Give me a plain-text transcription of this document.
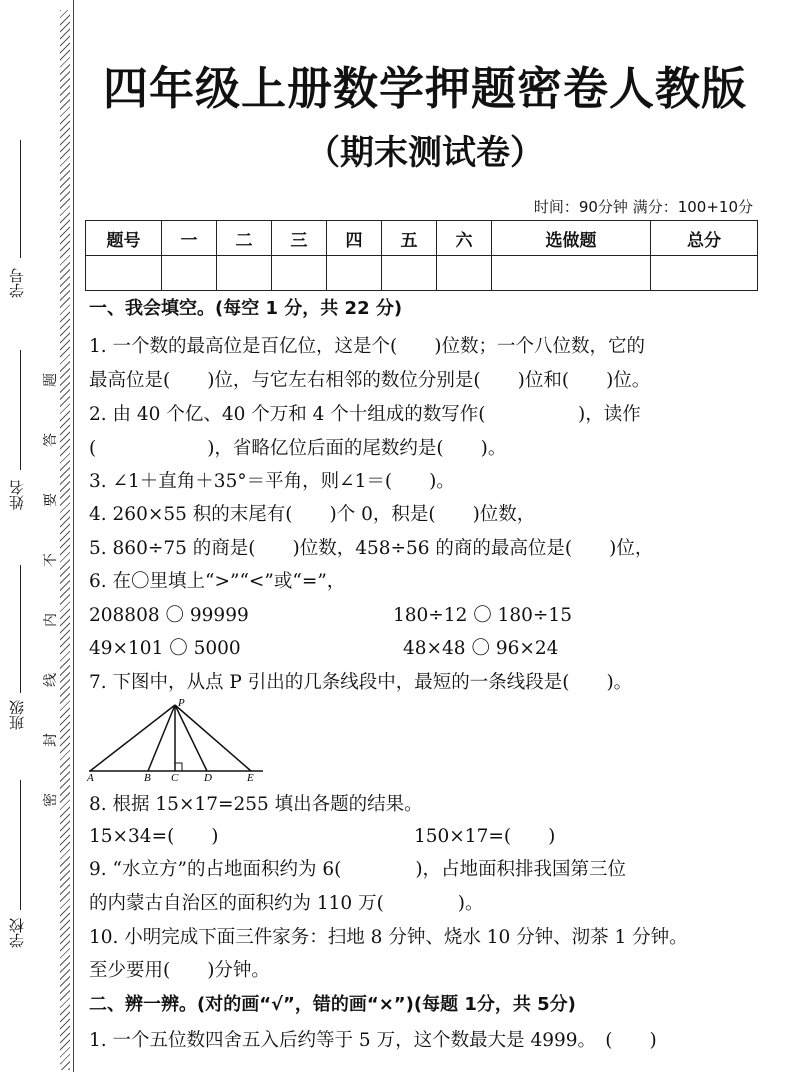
学号
姓名
班级
学校
题
答
要
不
内
线
封
密
四年级上册数学押题密卷人教版
（期末测试卷）
时间：90分钟 满分：100+10分
题号	一	二	三	四	五	六	选做题	总分

一、我会填空。(每空 1 分，共 22 分)
1. 一个数的最高位是百亿位，这是个(　　)位数；一个八位数，它的
最高位是(　　)位，与它左右相邻的数位分别是(　　)位和(　　)位。
2. 由 40 个亿、40 个万和 4 个十组成的数写作(　　　　　)，读作
(　　　　　　)，省略亿位后面的尾数约是(　　)。
3. ∠1＋直角＋35°＝平角，则∠1＝(　　)。
4. 260×55 积的末尾有(　　)个 0，积是(　　)位数，
5. 860÷75 的商是(　　)位数，458÷56 的商的最高位是(　　)位，
6. 在〇里填上“>”“<”或“=”，
208808 〇 99999	180÷12 〇 180÷15
49×101 〇 5000	48×48 〇 96×24
7. 下图中，从点 P 引出的几条线段中，最短的一条线段是(　　)。
P
A	B C D	E
8. 根据 15×17=255 填出各题的结果。
15×34=(　　)	150×17=(　　)
9. “水立方”的占地面积约为 6(　　　　)，占地面积排我国第三位
的内蒙古自治区的面积约为 110 万(　　　　)。
10. 小明完成下面三件家务：扫地 8 分钟、烧水 10 分钟、沏茶 1 分钟。
至少要用(　　)分钟。
二、辨一辨。(对的画“√”，错的画“×”)(每题 1分，共 5分)
1. 一个五位数四舍五入后约等于 5 万，这个数最大是 4999。　(　　)
